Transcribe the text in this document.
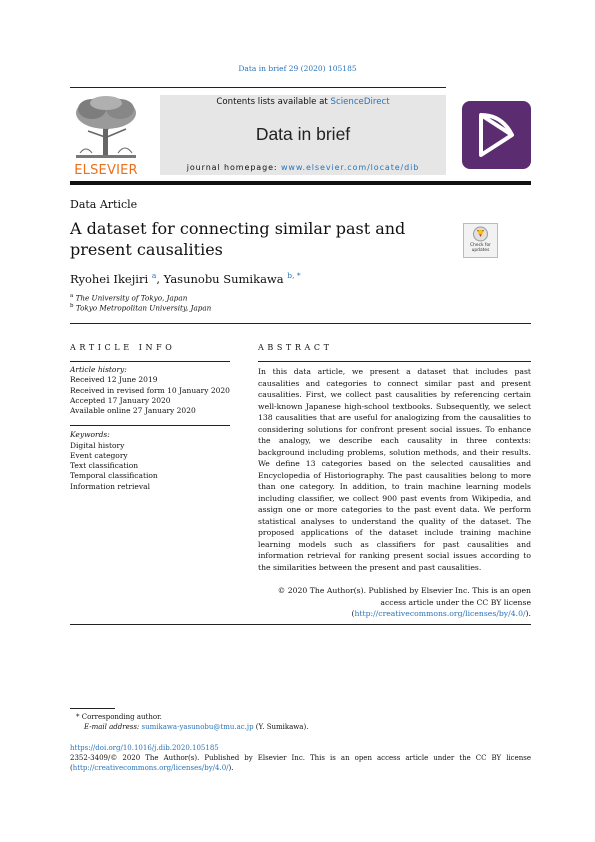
Data in brief 29 (2020) 105185
ELSEVIER
Contents lists available at ScienceDirect
Data in brief
journal homepage: www.elsevier.com/locate/dib
Data Article
A dataset for connecting similar past and present causalities	Check for updates
Ryohei Ikejiri $^a$, Yasunobu Sumikawa $^{b, *}$
$^a$ The University of Tokyo, Japan
$^b$ Tokyo Metropolitan University, Japan
ARTICLE INFO
Article history:
Received 12 June 2019
Received in revised form 10 January 2020
Accepted 17 January 2020
Available online 27 January 2020
Keywords:
Digital history
Event category
Text classification
Temporal classification
Information retrieval
ABSTRACT
In this data article, we present a dataset that includes past causalities and categories to connect similar past and present causalities. First, we collect past causalities by referencing certain well-known Japanese high-school textbooks. Subsequently, we select 138 causalities that are useful for analogizing from the causalities to considering solutions for confront present social issues. To enhance the analogy, we describe each causality in three contexts: background including problems, solution methods, and their results. We define 13 categories based on the selected causalities and Encyclopedia of Historiography. The past causalities belong to more than one category. In addition, to train machine learning models including classifier, we collect 900 past events from Wikipedia, and assign one or more categories to the past event data. We perform statistical analyses to understand the quality of the dataset. The proposed applications of the dataset include training machine learning models such as classifiers for past causalities and information retrieval for ranking present social issues according to the similarities between the present and past causalities.
© 2020 The Author(s). Published by Elsevier Inc. This is an open access article under the CC BY license (http://creativecommons.org/licenses/by/4.0/).
* Corresponding author.
E-mail address: sumikawa-yasunobu@tmu.ac.jp (Y. Sumikawa).
https://doi.org/10.1016/j.dib.2020.105185
2352-3409/© 2020 The Author(s). Published by Elsevier Inc. This is an open access article under the CC BY license (http://creativecommons.org/licenses/by/4.0/).
